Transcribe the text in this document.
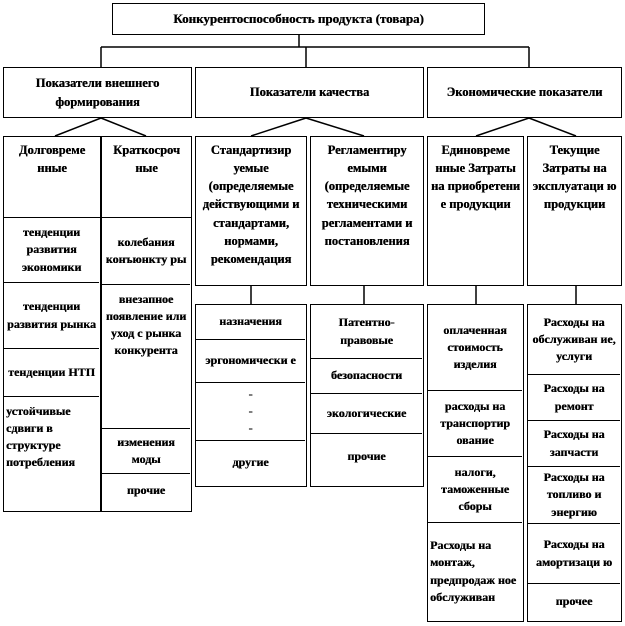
Конкурентоспособность продукта (товара)
Показатели внешнего формирования
Показатели качества	Экономические показатели
Долговреме нные
Краткосроч ные
Стандартизир уемые (определяемые действующими и стандартами, нормами, рекомендация
Регламентиру емыми (определяемые техническими регламентами и постановления
Единовреме нные Затраты на приобретени е продукции
Текущие Затраты на эксплуатаци ю продукции
тенденции развития экономики
тенденции развития рынка
тенденции НТП
устойчивые сдвиги в структуре потребления
колебания конъюнкту ры
внезапное появление или уход с рынка конкурента
изменения моды
прочие
назначения
эргономически е
-
-
-
другие
Патентно-правовые
безопасности
экологические
прочие
оплаченная стоимость изделия
расходы на транспортир ование
налоги, таможенные сборы
Расходы на монтаж, предпродаж ное обслуживан
Расходы на обслуживан ие, услуги
Расходы на ремонт
Расходы на запчасти
Расходы на топливо и энергию
Расходы на амортизаци ю
прочее
